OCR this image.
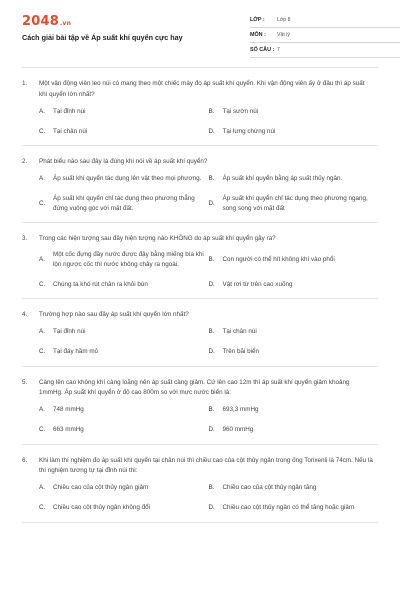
2048.vn
Cách giải bài tập về Áp suất khí quyển cực hay
LỚP :	Lớp 8
MÔN :	Vật lý
SỐ CÂU : 7
1.	Một vận động viên leo núi có mang theo một chiếc máy đo áp suất khí quyển. Khi vận động viên ấy ở đâu thì áp suất khí quyển lớn nhất?
A.	Tại đỉnh núi	B.	Tại sườn núi
C.	Tại chân núi	D.	Tại lưng chừng núi
2.	Phát biểu nào sau đây là đúng khi nói về áp suất khí quyển?
A.	Áp suất khí quyển tác dụng lên vật theo mọi phương.	B.	Áp suất khí quyển bằng áp suất thủy ngân.
C.
Áp suất khí quyển chỉ tác dụng theo phương thẳng đứng vuông góc với mặt đất.
D.
Áp suất khí quyển chỉ tác dụng theo phương ngang, song song với mặt đất
3.	Trong các hiện tượng sau đây hiện tượng nào KHÔNG do áp suất khí quyển gây ra?
A.
Một cốc đựng đầy nước được đậy bằng miếng bìa khi lộn ngược cốc thì nước không chảy ra ngoài.
B.	Con người có thể hít không khí vào phổi
C.	Chúng ta khó rút chân ra khỏi bùn	D.	Vật rơi từ trên cao xuống
4.	Trường hợp nào sau đây áp suất khí quyển lớn nhất?
A.	Tại đỉnh núi	B.	Tại chân núi
C.	Tại đáy hầm mỏ	D.	Trên bãi biển
5.	Càng lên cao không khí càng loãng nên áp suất càng giảm. Cứ lên cao 12m thì áp suất khí quyển giảm khoảng 1mmHg. Áp suất khí quyển ở độ cao 800m so với mực nước biển là:
A.	748 mmHg	B.	693,3 mmHg
C.	663 mmHg	D.	960 mmHg
6.	Khi làm thí nghiệm đo áp suất khí quyển tại chân núi thì chiều cao của cột thủy ngân trong ống Torixenli là 74cm. Nếu là thí nghiệm tương tự tại đỉnh núi thì:
A.	Chiều cao của cột thủy ngân giảm	B.	Chiều cao của cột thủy ngân tăng
C.	Chiều cao cột thủy ngân không đổi	D.	Chiều cao cột thủy ngân có thể tăng hoặc giảm
